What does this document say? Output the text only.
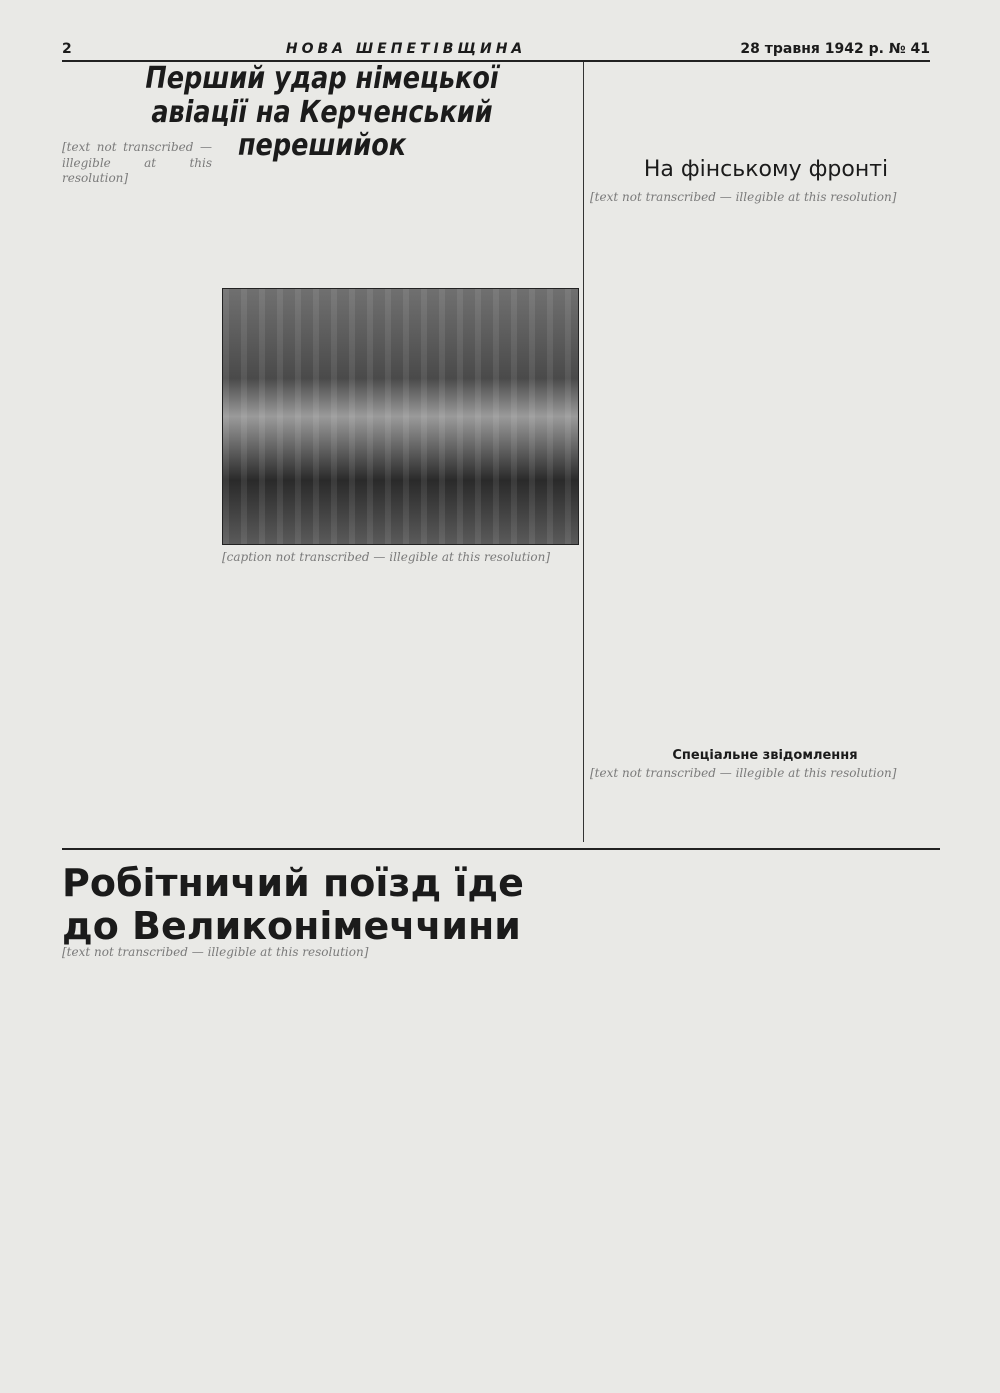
2	НОВА ШЕПЕТІВЩИНА	28 травня 1942 р. № 41
Перший удар німецької авіації на Керченський перешийок
[text not transcribed — illegible at this resolution]
[caption not transcribed — illegible at this resolution]
На фінському фронті
[text not transcribed — illegible at this resolution]
Спеціальне звідомлення
[text not transcribed — illegible at this resolution]
Робітничий поїзд їде до Великонімеччини
[text not transcribed — illegible at this resolution]
